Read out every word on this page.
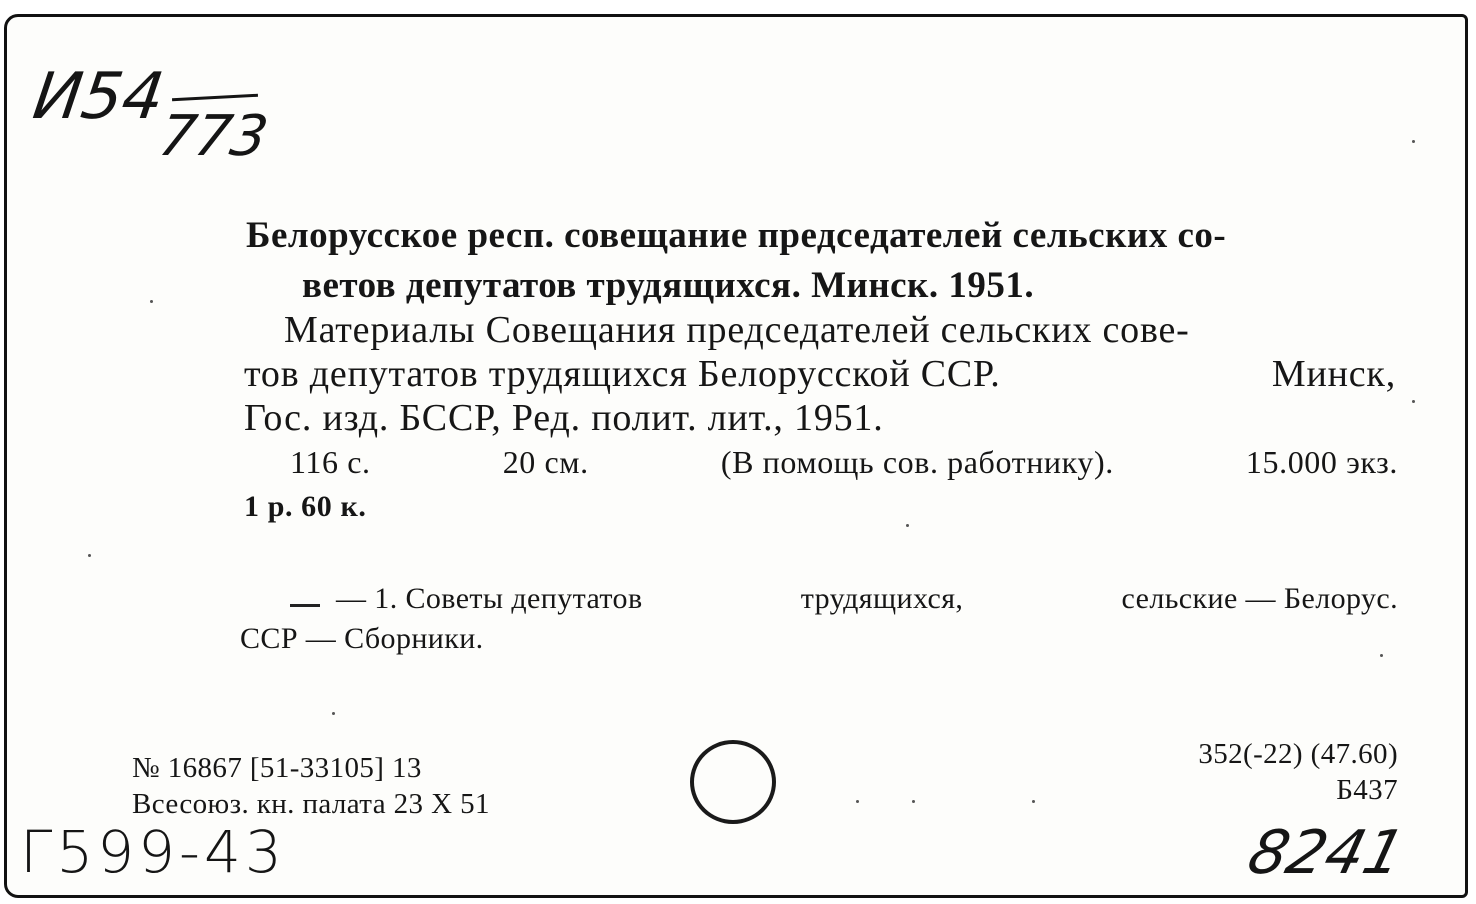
И54
773
Белорусское респ. совещание председателей сельских со-
ветов депутатов трудящихся. Минск. 1951.
Материалы Совещания председателей сельских сове-
тов депутатов трудящихся Белорусской ССР.	Минск,
Гос. изд. БССР, Ред. полит. лит., 1951.
116 с.	20 см.	(В помощь сов. работнику).	15.000 экз.
1 р. 60 к.
— 1. Советы депутатов	трудящихся,	сельские — Белорус.
ССР — Сборники.
№ 16867 [51-33105] 13
Всесоюз. кн. палата 23 X 51
352(-22) (47.60)
Б437
Г599-43	8241
